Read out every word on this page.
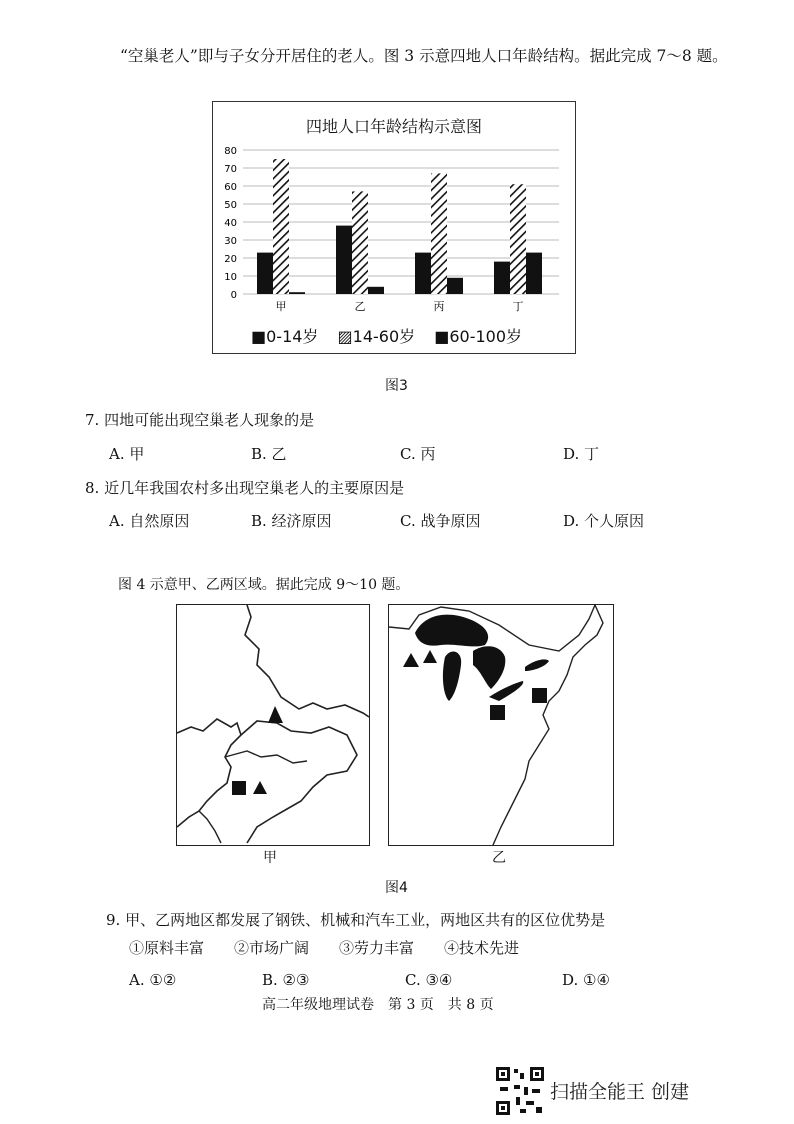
“空巢老人”即与子女分开居住的老人。图 3 示意四地人口年龄结构。据此完成 7～8 题。
四地人口年龄结构示意图
0
10
20
30
40
50
60
70
80
甲	乙	丙	丁
■0-14岁 ▨14-60岁 ■60-100岁
图3
7. 四地可能出现空巢老人现象的是
A. 甲	B. 乙	C. 丙	D. 丁
8. 近几年我国农村多出现空巢老人的主要原因是
A. 自然原因	B. 经济原因	C. 战争原因	D. 个人原因
图 4 示意甲、乙两区域。据此完成 9～10 题。
甲	乙
图4
9. 甲、乙两地区都发展了钢铁、机械和汽车工业，两地区共有的区位优势是
①原料丰富　　②市场广阔　　③劳力丰富　　④技术先进
A. ①②	B. ②③	C. ③④	D. ①④
高二年级地理试卷　第 3 页　共 8 页
扫描全能王 创建
